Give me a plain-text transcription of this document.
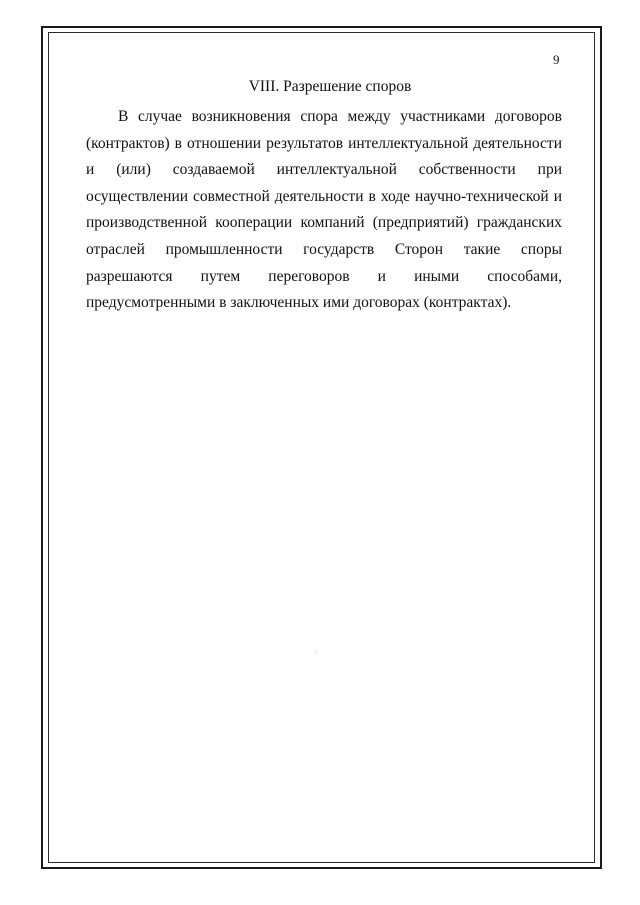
9
VIII. Разрешение споров

В случае возникновения спора между участниками договоров (контрактов) в отношении результатов интеллектуальной деятельности и (или) создаваемой интеллектуальной собственности при осуществлении совместной деятельности в ходе научно-технической и производственной кооперации компаний (предприятий) гражданских отраслей промышленности государств Сторон такие споры разрешаются путем переговоров и иными способами, предусмотренными в заключенных ими договорах (контрактах).
